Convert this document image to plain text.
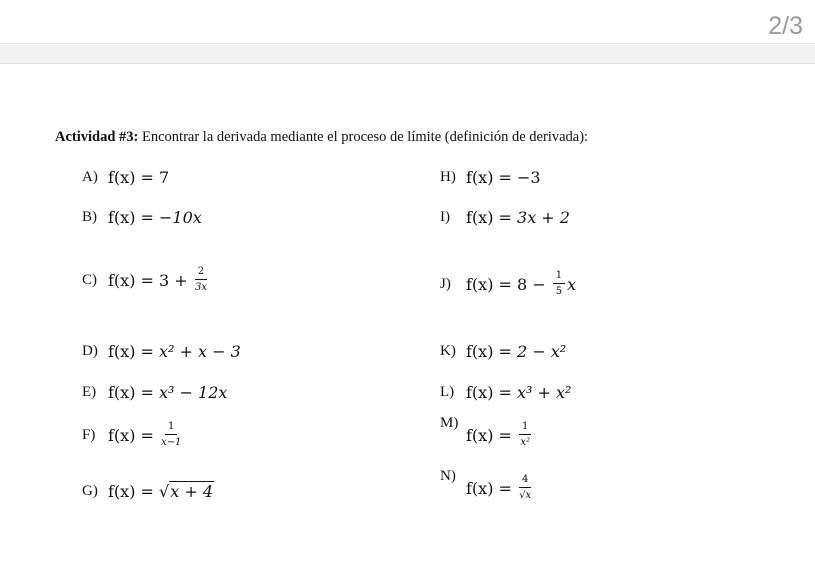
2/3
Actividad #3: Encontrar la derivada mediante el proceso de límite (definición de derivada):
A) f(x) = 7
B) f(x) = −10x
C) $f(x) = 3 + \frac{2}{3x}$
D) f(x) = x² + x − 3
E) f(x) = x³ − 12x
F) $f(x) = \frac{1}{x-1}$
G) f(x) = √ x + 4
H) f(x) = −3
I)	f(x) = 3x + 2
J) $f(x) = 8 - \frac{1}{5}$ x
K) f(x) = 2 − x²
L) f(x) = x³ + x²
M)
$f(x) = \frac{1}{\text{x²}}$
N)
$f(x) = \frac{4}{√x}$
